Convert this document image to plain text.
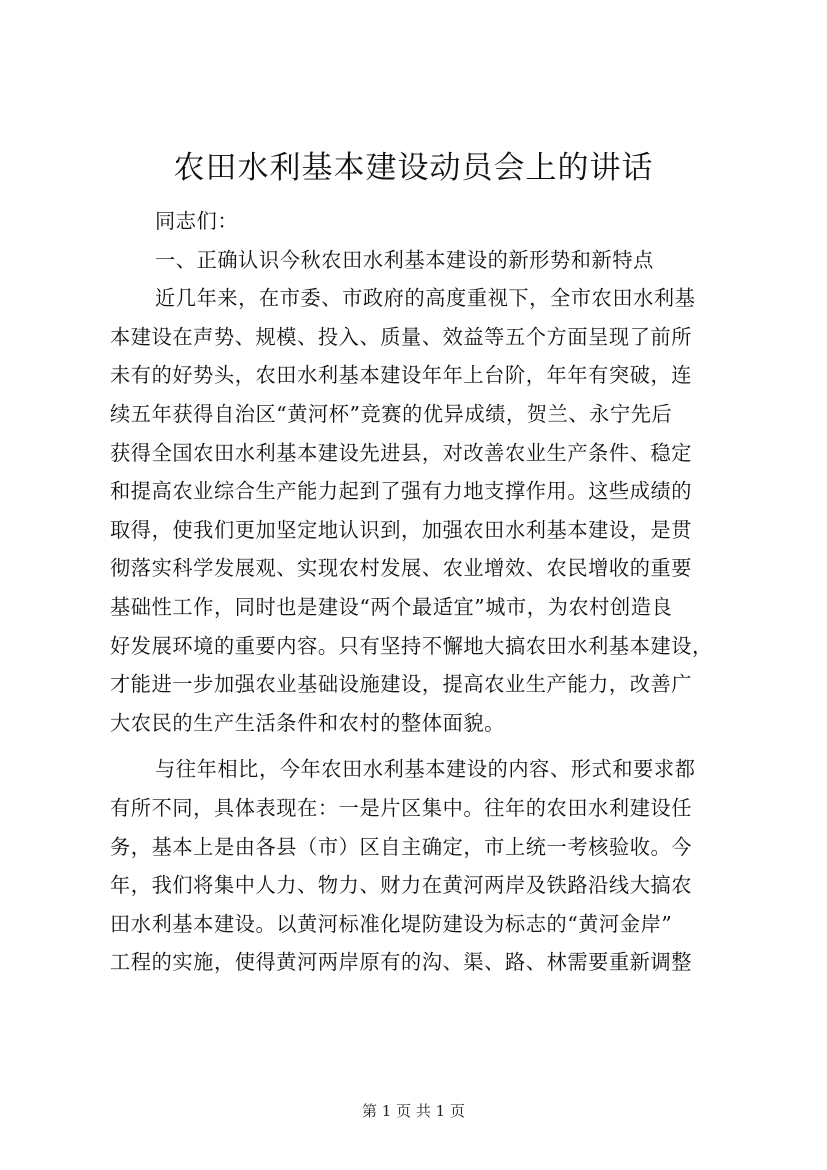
农田水利基本建设动员会上的讲话
同志们：
一、正确认识今秋农田水利基本建设的新形势和新特点
近几年来，在市委、市政府的高度重视下，全市农田水利基
本建设在声势、规模、投入、质量、效益等五个方面呈现了前所
未有的好势头，农田水利基本建设年年上台阶，年年有突破，连
续五年获得自治区“黄河杯”竞赛的优异成绩，贺兰、永宁先后
获得全国农田水利基本建设先进县，对改善农业生产条件、稳定
和提高农业综合生产能力起到了强有力地支撑作用。这些成绩的
取得，使我们更加坚定地认识到，加强农田水利基本建设，是贯
彻落实科学发展观、实现农村发展、农业增效、农民增收的重要
基础性工作，同时也是建设“两个最适宜”城市，为农村创造良
好发展环境的重要内容。只有坚持不懈地大搞农田水利基本建设，
才能进一步加强农业基础设施建设，提高农业生产能力，改善广
大农民的生产生活条件和农村的整体面貌。
与往年相比，今年农田水利基本建设的内容、形式和要求都
有所不同，具体表现在：一是片区集中。往年的农田水利建设任
务，基本上是由各县（市）区自主确定，市上统一考核验收。今
年，我们将集中人力、物力、财力在黄河两岸及铁路沿线大搞农
田水利基本建设。以黄河标准化堤防建设为标志的“黄河金岸”
工程的实施，使得黄河两岸原有的沟、渠、路、林需要重新调整
第 1 页 共 1 页
